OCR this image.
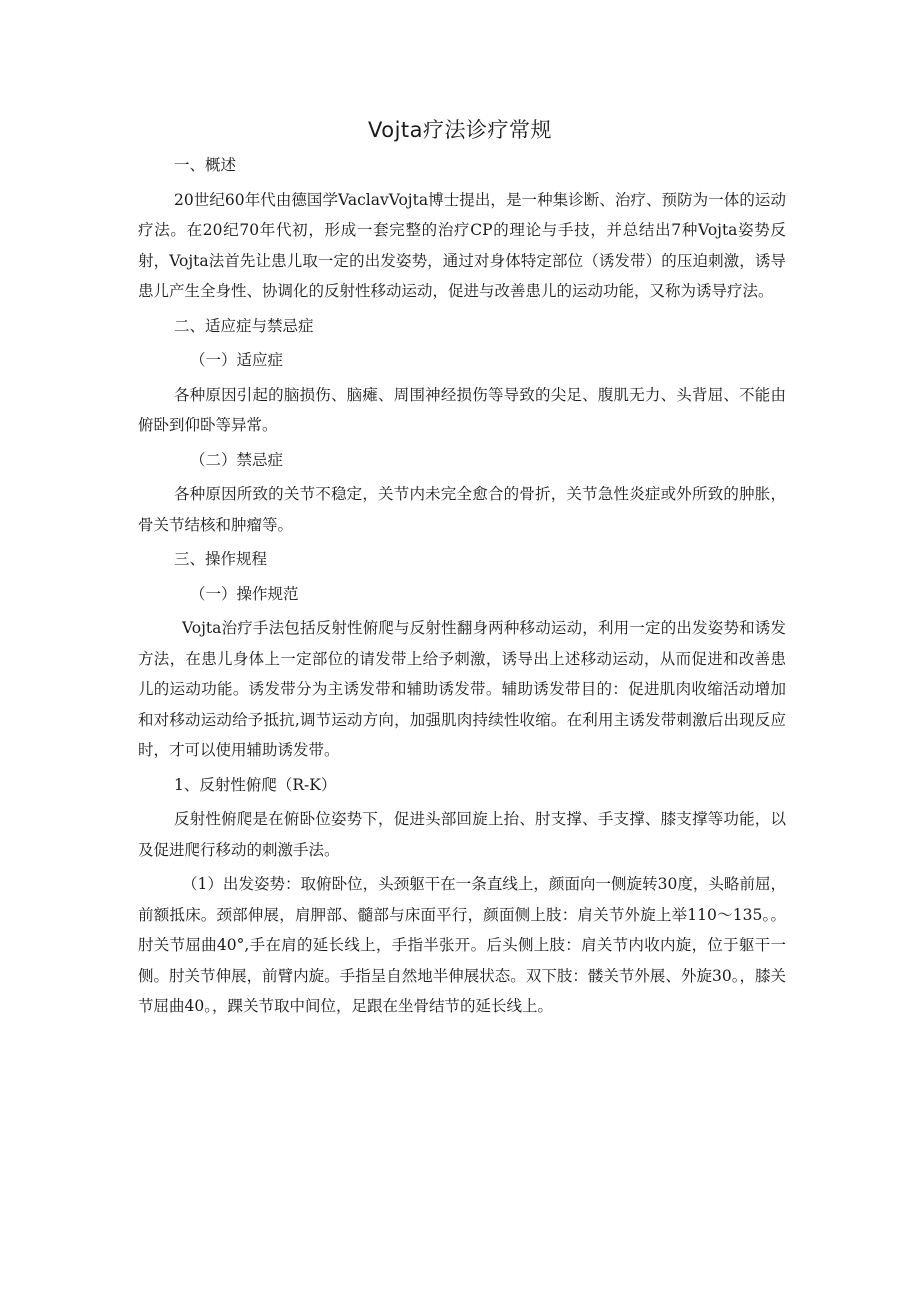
Vojta疗法诊疗常规

一、概述

20世纪60年代由德国学VaclavVojta博士提出，是一种集诊断、治疗、预防为一体的运动疗法。在20纪70年代初，形成一套完整的治疗CP的理论与手技，并总结出7种Vojta姿势反射，Vojta法首先让患儿取一定的出发姿势，通过对身体特定部位（诱发带）的压迫刺激，诱导患儿产生全身性、协调化的反射性移动运动，促进与改善患儿的运动功能，又称为诱导疗法。

二、适应症与禁忌症

（一）适应症

各种原因引起的脑损伤、脑瘫、周围神经损伤等导致的尖足、腹肌无力、头背屈、不能由俯卧到仰卧等异常。

（二）禁忌症

各种原因所致的关节不稳定，关节内未完全愈合的骨折，关节急性炎症或外所致的肿胀，骨关节结核和肿瘤等。

三、操作规程

（一）操作规范

Vojta治疗手法包括反射性俯爬与反射性翻身两种移动运动，利用一定的出发姿势和诱发方法，在患儿身体上一定部位的请发带上给予刺激，诱导出上述移动运动，从而促进和改善患儿的运动功能。诱发带分为主诱发带和辅助诱发带。辅助诱发带目的：促进肌肉收缩活动增加和对移动运动给予抵抗,调节运动方向，加强肌肉持续性收缩。在利用主诱发带刺激后出现反应时，才可以使用辅助诱发带。

1、反射性俯爬（R-K）

反射性俯爬是在俯卧位姿势下，促进头部回旋上抬、肘支撑、手支撑、膝支撑等功能，以及促进爬行移动的刺激手法。

（1）出发姿势：取俯卧位，头颈躯干在一条直线上，颜面向一侧旋转30度，头略前屈，前额抵床。颈部伸展，肩胛部、髓部与床面平行，颜面侧上肢：肩关节外旋上举110～135。。肘关节屈曲40°,手在肩的延长线上，手指半张开。后头侧上肢：肩关节内收内旋，位于躯干一侧。肘关节伸展，前臂内旋。手指呈自然地半伸展状态。双下肢：髅关节外展、外旋30。，膝关节屈曲40。，踝关节取中间位，足跟在坐骨结节的延长线上。
